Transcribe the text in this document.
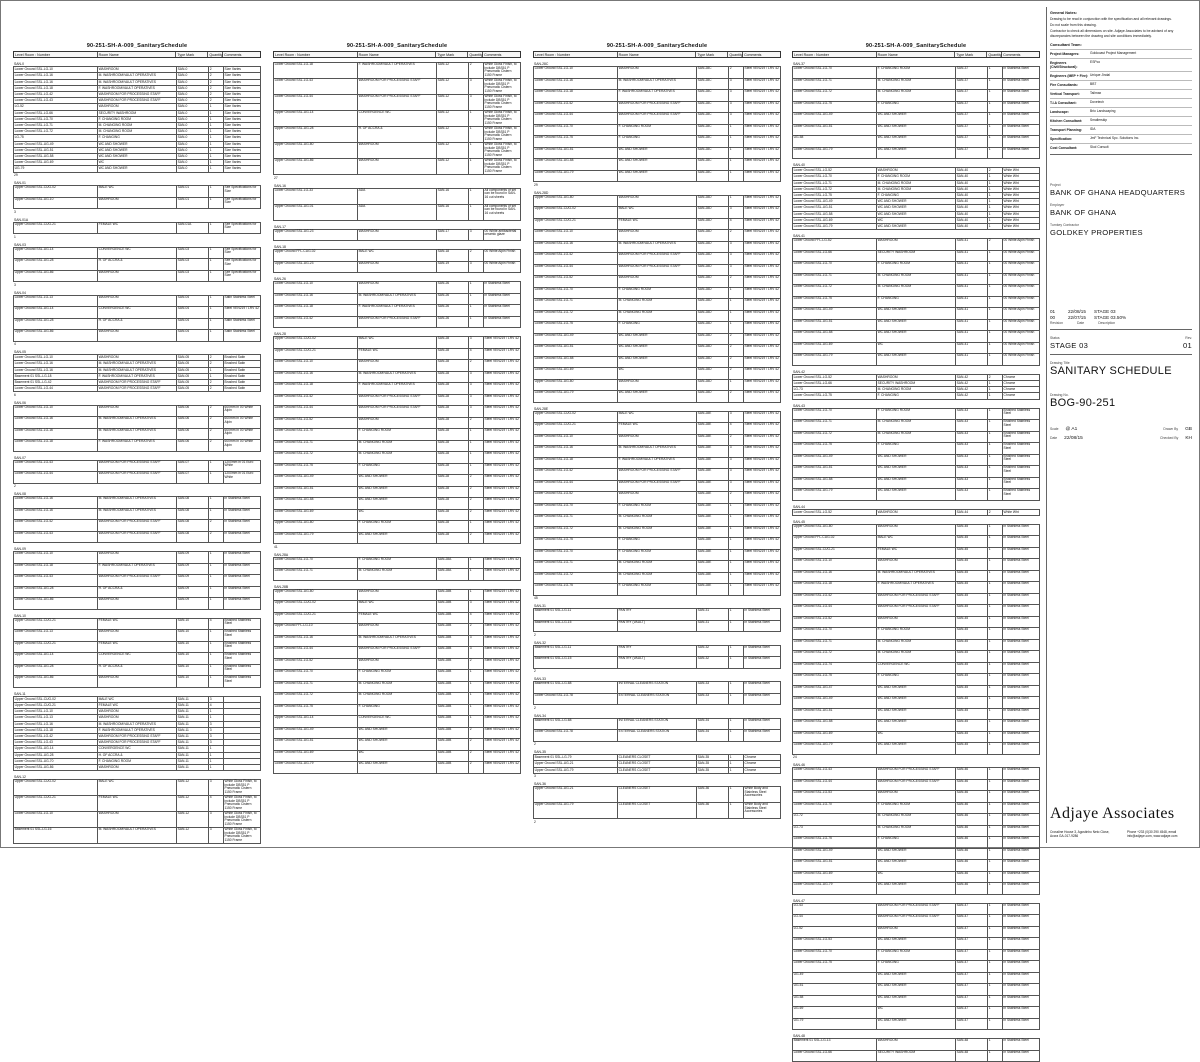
90-251-SH-A-009_SanitarySchedule
Level Room : Number	Room Name	Type Mark	Quantity Comments
SAN-0
Lower Ground SSL-LG-10	WASHROOM	SAN-0	2	Size Varies
Lower Ground SSL-LG-16	M. WASHROOM/VAULT OPERATIVES	SAN-0	2	Size Varies
Lower Ground SSL-LG-16	M. WASHROOM/VAULT OPERATIVES	SAN-0	2	Size Varies
Lower Ground SSL-LG-18	F. WASHROOM/VAULT OPERATIVES	SAN-0	2	Size Varies
Lower Ground SSL-LG-42	WASHROOM FOR PROCESSING STAFF	SAN-0	2	Size Varies
Lower Ground SSL-LG-43	WASHROOM FOR PROCESSING STAFF	SAN-0	2	Size Varies
LG-52	WASHROOM	SAN-0	1	Size Varies
Lower Ground SSL-LG-66	SECURITY WASHROOM	SAN-0	1	Size Varies
Lower Ground SSL-LG-70	F. CHANGING ROOM	SAN-0	1	Size Varies
Lower Ground SSL-LG-71	M. CHANGING ROOM	SAN-0	1	Size Varies
Lower Ground SSL-LG-72	M. CHANGING ROOM	SAN-0	1	Size Varies
LG-75	F. CHANGING	SAN-0	1	Size Varies
Lower Ground SSL-UG-49	WC AND SHOWER	SAN-0	1	Size Varies
Lower Ground SSL-UG-51	WC AND SHOWER	SAN-0	1	Size Varies
Lower Ground SSL-UG-58	WC AND SHOWER	SAN-0	1	Size Varies
Lower Ground SSL-UG-69	WC	SAN-0	1	Size Varies
UG-79	WC AND SHOWER	SAN-0	1	Size Varies
29
SAN-01
Upper Ground SSL-CUG-02	MALE WC	SAN-01	1	See Specifications for Size
Upper Ground SSL-UG-10	WASHROOM	SAN-01	1	See Specifications for Size
3
SAN-01A
Upper Ground SSL-CUG-21	FEMALE WC	SAN-01A	1	See Specifications for Size
1
SAN-03
Upper Ground SSL-UG-14	CONVERGENCE WC	SAN-03	1	See Specifications for Size
Upper Ground SSL-UG-28	H. OF ACCRA &	SAN-03	1	See Specifications for Size
Upper Ground SSL-UG-86	WASHROOM	SAN-03	1	See Specifications for Size
3
SAN-04
Lower Ground SSL-LG-13	WASHROOM	SAN-04	1	Satin Stainless Steel
Upper Ground SSL-UG-14	CONVERGENCE WC	SAN-04	1	Steel VEN219 / LRV 42
Upper Ground SSL-UG-28	H. OF ACCRA &	SAN-04	1	Satin Stainless Steel
Upper Ground SSL-UG-86	WASHROOM	SAN-04	1	Satin Stainless Steel
4
SAN-05
Lower Ground SSL-LG-10	WASHROOM	SAN-05	2	Brushed Satin
Lower Ground SSL-LG-16	M. WASHROOM/VAULT OPERATIVES	SAN-05	2	Brushed Satin
Lower Ground SSL-LG-16	M. WASHROOM/VAULT OPERATIVES	SAN-05	1	Brushed Satin
Basement 01 SSL-LG-18	F. WASHROOM/VAULT OPERATIVES	SAN-05	1	Brushed Satin
Basement 01 SSL-LG-42	WASHROOM FOR PROCESSING STAFF	SAN-05	2	Brushed Satin
Lower Ground SSL-LG-44	WASHROOM FOR PROCESSING STAFF	SAN-05	2	Brushed Satin
6
SAN-06
Lower Ground SSL-LG-10	WASHROOM	SAN-06	2	600mm in 00 White Alpin
Lower Ground SSL-LG-16	M. WASHROOM/VAULT OPERATIVES	SAN-06	2	600mm in 00 White Alpin
Lower Ground SSL-LG-16	M. WASHROOM/VAULT OPERATIVES	SAN-06	2	600mm in 00 White Alpin
Lower Ground SSL-LG-18	F. WASHROOM/VAULT OPERATIVES	SAN-06	2	600mm in 00 White Alpin
SAN-07
Lower Ground SSL-LG-43	WASHROOM FOR PROCESSING STAFF	SAN-07	1	1200mm in 01 Euro White
Lower Ground SSL-LG-44	WASHROOM FOR PROCESSING STAFF	SAN-07	1	1200mm in 01 Euro White
2
SAN-08
Lower Ground SSL-LG-16	M. WASHROOM/VAULT OPERATIVES	SAN-08	1	in Stainless Steel
Lower Ground SSL-LG-16	M. WASHROOM/VAULT OPERATIVES	SAN-08	1	in Stainless Steel
Lower Ground SSL-LG-42	WASHROOM FOR PROCESSING STAFF	SAN-08	2	in Stainless Steel
Lower Ground SSL-LG-43	WASHROOM FOR PROCESSING STAFF	SAN-08	2	in Stainless Steel
SAN-09
Lower Ground SSL-LG-10	WASHROOM	SAN-09	1	in Stainless Steel
Lower Ground SSL-LG-18	F. WASHROOM/VAULT OPERATIVES	SAN-09	1	in Stainless Steel
Lower Ground SSL-LG-43	WASHROOM FOR PROCESSING STAFF	SAN-09	1	in Stainless Steel
Lower Ground SSL-UG-28	H. OF ACCRA &	SAN-09	1	in Stainless Steel
Lower Ground SSL-UG-86	WASHROOM	SAN-09	1	in Stainless Steel
SAN-10
Upper Ground SSL-CUG-21	FEMALE WC	SAN-10	4	Brushed Stainless Steel
Lower Ground SSL-LG-13	WASHROOM	SAN-10	1	Brushed Stainless Steel
Upper Ground SSL-CUG-21	FEMALE WC	SAN-10	1	Brushed Stainless Steel
Upper Ground SSL-UG-14	CONVERGENCE WC	SAN-10	1	Brushed Stainless Steel
Upper Ground SSL-UG-28	H. OF ACCRA &	SAN-10	1	Brushed Stainless Steel
Upper Ground SSL-UG-86	WASHROOM	SAN-10	1	Brushed Stainless Steel
SAN-11
Upper Ground SSL-CUG-02	MALE WC	SAN-11	3	
Upper Ground SSL-CUG-21	FEMALE WC	SAN-11	4	
Lower Ground SSL-LG-10	WASHROOM	SAN-11	1	
Lower Ground SSL-LG-13	WASHROOM	SAN-11	1	
Lower Ground SSL-LG-16	M. WASHROOM/VAULT OPERATIVES	SAN-11	3	
Lower Ground SSL-LG-18	F. WASHROOM/VAULT OPERATIVES	SAN-11	3	
Lower Ground SSL-LG-42	WASHROOM FOR PROCESSING STAFF	SAN-11	3	
Lower Ground SSL-LG-43	WASHROOM FOR PROCESSING STAFF	SAN-11	3	
Upper Ground SSL-UG-14	CONVERGENCE WC	SAN-11	1	
Upper Ground SSL-UG-28	H. OF ACCRA &	SAN-11	1	
Lower Ground SSL-UG-70	F. CHANGING ROOM	SAN-11	1	
Upper Ground SSL-UG-86	WASHROOM	SAN-11	1	
SAN-12
Upper Ground SSL-CUG-02	MALE WC	SAN-12	3	White Gloss Finish, to include DBS51 P Pneumatic Cistern 1150 Frame
Upper Ground SSL-CUG-21	FEMALE WC	SAN-12	4	White Gloss Finish, to include DBS51 P Pneumatic Cistern 1150 Frame
Lower Ground SSL-LG-10	WASHROOM	SAN-12	3	White Gloss Finish, to include DBS51 P Pneumatic Cistern 1150 Frame
Basement 01 SSL-LG-16	M. WASHROOM/VAULT OPERATIVES	SAN-12	3	White Gloss Finish, to include DBS51 P Pneumatic Cistern 1150 Frame
90-251-SH-A-009_SanitarySchedule
Level Room : Number	Room Name	Type Mark	Quantity Comments
Lower Ground SSL-LG-18	F. WASHROOM/VAULT OPERATIVES	SAN-12	2	White Gloss Finish, to include DBS51 P Pneumatic Cistern 1150 Frame
Lower Ground SSL-LG-43	WASHROOM FOR PROCESSING STAFF	SAN-12	3	White Gloss Finish, to include DBS51 P Pneumatic Cistern 1150 Frame
Lower Ground SSL-LG-44	WASHROOM FOR PROCESSING STAFF	SAN-12	3	White Gloss Finish, to include DBS51 P Pneumatic Cistern 1150 Frame
Upper Ground SSL-UG-14	CONVERGENCE WC	SAN-12	1	White Gloss Finish, to include DBS51 P Pneumatic Cistern 1150 Frame
Upper Ground SSL-UG-28	H. OF ACCRA &	SAN-12	1	White Gloss Finish, to include DBS51 P Pneumatic Cistern 1150 Frame
Upper Ground SSL-UG-80	WASHROOM	SAN-12	1	White Gloss Finish, to include DBS51 P Pneumatic Cistern 1150 Frame
Upper Ground SSL-UG-86	WASHROOM	SAN-12	1	White Gloss Finish, to include DBS51 P Pneumatic Cistern 1150 Frame
27
SAN-16
Lower Ground SSL-LG-33	ADA	SAN-16	1	All components of set can be found in SAN-16 cut sheets
Upper Ground SSL-UG-01	ADA	SAN-16	1	All components of set can be found in SAN-16 cut sheets
SAN-17
Upper Ground SSL-UG-23	WASHROOM	SAN-17	3	00 White antibacterial ceramic glaze
SAN-18
Upper Ground FFL-CUG-02	MALE WC	SAN-18	2	00 White Alpin Finish
Upper Ground SSL-UG-23	WASHROOM	SAN-19	3	00 White Alpin Finish
SAN-26
Lower Ground SSL-LG-10	WASHROOM	SAN-26	1	in Stainless Steel
Lower Ground SSL-LG-16	M. WASHROOM/VAULT OPERATIVES	SAN-26	1	in Stainless Steel
Lower Ground SSL-LG-18	F. WASHROOM/VAULT OPERATIVES	SAN-26	1	in Stainless Steel
Lower Ground SSL-LG-42	WASHROOM FOR PROCESSING STAFF	SAN-26	1	in Stainless Steel
SAN-28
Upper Ground SSL-CUG-02	MALE WC	SAN-28	3	Steel VEN219 / LRV 42
Upper Ground SSL-CUG-21	FEMALE WC	SAN-28	4	Steel VEN219 / LRV 42
Lower Ground SSL-LG-10	WASHROOM	SAN-28	2	Steel VEN219 / LRV 42
Lower Ground SSL-LG-16	M. WASHROOM/VAULT OPERATIVES	SAN-28	3	Steel VEN219 / LRV 42
Lower Ground SSL-LG-18	F. WASHROOM/VAULT OPERATIVES	SAN-28	3	Steel VEN219 / LRV 42
Lower Ground SSL-LG-42	WASHROOM FOR PROCESSING STAFF	SAN-28	3	Steel VEN219 / LRV 42
Lower Ground SSL-LG-44	WASHROOM FOR PROCESSING STAFF	SAN-28	3	Steel VEN219 / LRV 42
Lower Ground SSL-LG-52	WASHROOM	SAN-28	2	Steel VEN219 / LRV 42
Lower Ground SSL-LG-70	F. CHANGING ROOM	SAN-28	1	Steel VEN219 / LRV 42
Lower Ground SSL-LG-71	M. CHANGING ROOM	SAN-28	1	Steel VEN219 / LRV 42
Lower Ground SSL-LG-72	M. CHANGING ROOM	SAN-28	1	Steel VEN219 / LRV 42
Lower Ground SSL-LG-75	F. CHANGING	SAN-28	1	Steel VEN219 / LRV 42
Lower Ground SSL-UG-49	WC AND SHOWER	SAN-28	2	Steel VEN219 / LRV 42
Lower Ground SSL-UG-51	WC AND SHOWER	SAN-28	2	Steel VEN219 / LRV 42
Lower Ground SSL-UG-58	WC AND SHOWER	SAN-28	2	Steel VEN219 / LRV 42
Lower Ground SSL-UG-69	WC	SAN-28	2	Steel VEN219 / LRV 42
Upper Ground SSL-UG-80	F. CHANGING ROOM	SAN-28	1	Steel VEN219 / LRV 42
Lower Ground SSL-UG-79	WC AND SHOWER	SAN-28	2	Steel VEN219 / LRV 42
41
SAN-28A
Lower Ground SSL-LG-70	F. CHANGING ROOM	SAN-28A	1	Steel VEN219 / LRV 42
Lower Ground SSL-LG-71	M. CHANGING ROOM	SAN-28A	1	Steel VEN219 / LRV 42
SAN-28B
Upper Ground SSL-UG-80	WASHROOM	SAN-28B	1	Steel VEN219 / LRV 42
Upper Ground SSL-CUG-02	MALE WC	SAN-28B	3	Steel VEN219 / LRV 42
Upper Ground SSL-CUG-21	FEMALE WC	SAN-28B	4	Steel VEN219 / LRV 42
Upper Ground FFL-LG-10	WASHROOM	SAN-28B	2	Steel VEN219 / LRV 42
Lower Ground SSL-LG-16	M. WASHROOM/VAULT OPERATIVES	SAN-28B	3	Steel VEN219 / LRV 42
Lower Ground SSL-LG-44	WASHROOM FOR PROCESSING STAFF	SAN-28B	3	Steel VEN219 / LRV 42
Lower Ground SSL-LG-52	WASHROOM	SAN-28B	2	Steel VEN219 / LRV 42
Lower Ground SSL-LG-70	F. CHANGING ROOM	SAN-28B	1	Steel VEN219 / LRV 42
Lower Ground SSL-LG-71	M. CHANGING ROOM	SAN-28B	1	Steel VEN219 / LRV 42
Lower Ground SSL-LG-72	M. CHANGING ROOM	SAN-28B	1	Steel VEN219 / LRV 42
Lower Ground SSL-LG-75	F. CHANGING	SAN-28B	1	Steel VEN219 / LRV 42
Upper Ground SSL-UG-14	CONVERGENCE WC	SAN-28B	1	Steel VEN219 / LRV 42
Lower Ground SSL-UG-49	WC AND SHOWER	SAN-28B	2	Steel VEN219 / LRV 42
Lower Ground SSL-UG-51	WC AND SHOWER	SAN-28B	2	Steel VEN219 / LRV 42
Lower Ground SSL-UG-69	WC	SAN-28B	2	Steel VEN219 / LRV 42
Lower Ground SSL-UG-79	WC AND SHOWER	SAN-28B	2	Steel VEN219 / LRV 42
90-251-SH-A-009_SanitarySchedule
Level Room : Number	Room Name	Type Mark	Quantity Comments
SAN-28C
Lower Ground SSL-LG-10	WASHROOM	SAN-28C	2	Steel VEN219 / LRV 42
Lower Ground SSL-LG-16	M. WASHROOM/VAULT OPERATIVES	SAN-28C	3	Steel VEN219 / LRV 42
Lower Ground SSL-LG-18	F. WASHROOM/VAULT OPERATIVES	SAN-28C	3	Steel VEN219 / LRV 42
Lower Ground SSL-LG-42	WASHROOM FOR PROCESSING STAFF	SAN-28C	3	Steel VEN219 / LRV 42
Lower Ground SSL-LG-44	WASHROOM FOR PROCESSING STAFF	SAN-28C	3	Steel VEN219 / LRV 42
Lower Ground SSL-LG-70	F. CHANGING ROOM	SAN-28C	1	Steel VEN219 / LRV 42
Lower Ground SSL-LG-75	F. CHANGING	SAN-28C	1	Steel VEN219 / LRV 42
Lower Ground SSL-UG-51	WC AND SHOWER	SAN-28C	1	Steel VEN219 / LRV 42
Lower Ground SSL-UG-58	WC AND SHOWER	SAN-28C	1	Steel VEN219 / LRV 42
Lower Ground SSL-UG-79	WC AND SHOWER	SAN-28C	1	Steel VEN219 / LRV 42
29
SAN-28D
Upper Ground SSL-UG-80	WASHROOM	SAN-28D	1	Steel VEN219 / LRV 42
Upper Ground SSL-CUG-02	MALE WC	SAN-28D	3	Steel VEN219 / LRV 42
Upper Ground SSL-CUG-21	FEMALE WC	SAN-28D	4	Steel VEN219 / LRV 42
Lower Ground SSL-LG-10	WASHROOM	SAN-28D	2	Steel VEN219 / LRV 42
Lower Ground SSL-LG-16	M. WASHROOM/VAULT OPERATIVES	SAN-28D	3	Steel VEN219 / LRV 42
Lower Ground SSL-LG-42	WASHROOM FOR PROCESSING STAFF	SAN-28D	3	Steel VEN219 / LRV 42
Lower Ground SSL-LG-44	WASHROOM FOR PROCESSING STAFF	SAN-28D	3	Steel VEN219 / LRV 42
Lower Ground SSL-LG-52	WASHROOM	SAN-28D	2	Steel VEN219 / LRV 42
Lower Ground SSL-LG-70	F. CHANGING ROOM	SAN-28D	1	Steel VEN219 / LRV 42
Lower Ground SSL-LG-71	M. CHANGING ROOM	SAN-28D	1	Steel VEN219 / LRV 42
Lower Ground SSL-LG-72	M. CHANGING ROOM	SAN-28D	1	Steel VEN219 / LRV 42
Lower Ground SSL-LG-75	F. CHANGING	SAN-28D	1	Steel VEN219 / LRV 42
Lower Ground SSL-UG-49	WC AND SHOWER	SAN-28D	2	Steel VEN219 / LRV 42
Lower Ground SSL-UG-51	WC AND SHOWER	SAN-28D	2	Steel VEN219 / LRV 42
Lower Ground SSL-UG-58	WC AND SHOWER	SAN-28D	2	Steel VEN219 / LRV 42
Lower Ground SSL-UG-69	WC	SAN-28D	2	Steel VEN219 / LRV 42
Upper Ground SSL-UG-80	WASHROOM	SAN-28D	1	Steel VEN219 / LRV 42
Lower Ground SSL-UG-79	WC AND SHOWER	SAN-28D	2	Steel VEN219 / LRV 42
SAN-28E
Upper Ground SSL-CUG-02	MALE WC	SAN-28E	3	Steel VEN219 / LRV 42
Upper Ground SSL-CUG-21	FEMALE WC	SAN-28E	4	Steel VEN219 / LRV 42
Lower Ground SSL-LG-10	WASHROOM	SAN-28E	2	Steel VEN219 / LRV 42
Lower Ground SSL-LG-16	M. WASHROOM/VAULT OPERATIVES	SAN-28E	3	Steel VEN219 / LRV 42
Lower Ground SSL-LG-18	F. WASHROOM/VAULT OPERATIVES	SAN-28E	3	Steel VEN219 / LRV 42
Lower Ground SSL-LG-42	WASHROOM FOR PROCESSING STAFF	SAN-28E	3	Steel VEN219 / LRV 42
Lower Ground SSL-LG-44	WASHROOM FOR PROCESSING STAFF	SAN-28E	3	Steel VEN219 / LRV 42
Lower Ground SSL-LG-52	WASHROOM	SAN-28E	2	Steel VEN219 / LRV 42
Lower Ground SSL-LG-70	F. CHANGING ROOM	SAN-28E	1	Steel VEN219 / LRV 42
Lower Ground SSL-LG-71	M. CHANGING ROOM	SAN-28E	1	Steel VEN219 / LRV 42
Lower Ground SSL-LG-72	M. CHANGING ROOM	SAN-28E	1	Steel VEN219 / LRV 42
Lower Ground SSL-LG-75	F. CHANGING	SAN-28E	1	Steel VEN219 / LRV 42
Lower Ground SSL-LG-70	F. CHANGING ROOM	SAN-28E	1	Steel VEN219 / LRV 42
Lower Ground SSL-LG-71	M. CHANGING ROOM	SAN-28E	1	Steel VEN219 / LRV 42
Lower Ground SSL-LG-72	M. CHANGING ROOM	SAN-28E	1	Steel VEN219 / LRV 42
Lower Ground SSL-LG-75	F. CHANGING ROOM	SAN-28E	1	Steel VEN219 / LRV 42
45
SAN-31
Basement 01 SSL-LG-11	PANTRY	SAN-31	1	in Stainless Steel
Basement 01 SSL-LG-15	PANTRY (VAULT)	SAN-31	1	in Stainless Steel
2
SAN-32
Basement 01 SSL-LG-11	PANTRY	SAN-32	1	in Stainless Steel
Basement 01 SSL-LG-15	PANTRY (VAULT)	SAN-32	1	in Stainless Steel
2
SAN-33
Basement 01 SSL-LG-68	INTERNAL CLEANERS STATION	SAN-33	1	in Stainless Steel
Lower Ground SSL-LG-78	EXTERNAL CLEANERS STATION	SAN-33	1	in Stainless Steel
2
SAN-34
Basement 01 SSL-LG-68	INTERNAL CLEANERS STATION	SAN-34	1	in Stainless Steel
Lower Ground SSL-LG-78	EXTERNAL CLEANERS STATION	SAN-34	1	in Stainless Steel
2
SAN-35
Basement 01 SSL-LG-79	CLEANERS CLOSET	SAN-35	1	Chrome
Upper Ground SSL-UG-21	CLEANERS CLOSET	SAN-35	1	Chrome
Upper Ground SSL-UG-79	CLEANERS CLOSET	SAN-35	1	Chrome
3
SAN-36
Upper Ground SSL-UG-21	CLEANERS CLOSET	SAN-36	1	White Body and Stainless Steel Accessories
Upper Ground SSL-UG-79	CLEANERS CLOSET	SAN-36	1	White Body and Stainless Steel Accessories
2
90-251-SH-A-009_SanitarySchedule
Level Room : Number	Room Name	Type Mark	Quantity Comments
SAN-37
Lower Ground SSL-LG-70	F. CHANGING ROOM	SAN-37	1	in Stainless Steel
Lower Ground SSL-LG-71	M. CHANGING ROOM	SAN-37	1	in Stainless Steel
Lower Ground SSL-LG-72	M. CHANGING ROOM	SAN-37	1	in Stainless Steel
Lower Ground SSL-LG-75	F. CHANGING	SAN-37	1	in Stainless Steel
Lower Ground SSL-UG-49	WC AND SHOWER	SAN-37	1	in Stainless Steel
Lower Ground SSL-UG-51	WC AND SHOWER	SAN-37	1	in Stainless Steel
UG-58	WC AND SHOWER	SAN-37	1	in Stainless Steel
Lower Ground SSL-UG-79	WC AND SHOWER	SAN-37	1	in Stainless Steel
SAN-40
Lower Ground SSL-LG-52	WASHROOM	SAN-40	2	White Wht
Lower Ground SSL-LG-70	F. CHANGING ROOM	SAN-40	1	White Wht
Lower Ground SSL-LG-71	M. CHANGING ROOM	SAN-40	1	White Wht
Lower Ground SSL-LG-72	M. CHANGING ROOM	SAN-40	1	White Wht
Lower Ground SSL-LG-75	F. CHANGING	SAN-40	1	White Wht
Lower Ground SSL-UG-49	WC AND SHOWER	SAN-40	1	White Wht
Lower Ground SSL-UG-51	WC AND SHOWER	SAN-40	1	White Wht
Lower Ground SSL-UG-58	WC AND SHOWER	SAN-40	1	White Wht
Lower Ground SSL-UG-69	WC	SAN-40	1	White Wht
Lower Ground SSL-UG-79	WC AND SHOWER	SAN-40	1	White Wht
SAN-41
Lower Ground FFL-LG-52	WASHROOM	SAN-41	2	00 White Alpin Finish
Lower Ground SSL-LG-66	SECURITY WASHROOM	SAN-41	1	00 White Alpin Finish
Lower Ground SSL-LG-70	F. CHANGING ROOM	SAN-41	1	00 White Alpin Finish
Lower Ground SSL-LG-71	M. CHANGING ROOM	SAN-41	1	00 White Alpin Finish
Lower Ground SSL-LG-72	M. CHANGING ROOM	SAN-41	1	00 White Alpin Finish
Lower Ground SSL-LG-75	F. CHANGING	SAN-41	1	00 White Alpin Finish
Lower Ground SSL-UG-49	WC AND SHOWER	SAN-41	1	00 White Alpin Finish
Lower Ground SSL-UG-51	WC AND SHOWER	SAN-41	1	00 White Alpin Finish
Lower Ground SSL-UG-58	WC AND SHOWER	SAN-41	1	00 White Alpin Finish
Lower Ground SSL-UG-69	WC	SAN-41	1	00 White Alpin Finish
Lower Ground SSL-UG-79	WC AND SHOWER	SAN-41	1	00 White Alpin Finish
SAN-42
Lower Ground SSL-LG-52	WASHROOM	SAN-42	2	Chrome
Lower Ground SSL-LG-66	SECURITY WASHROOM	SAN-42	1	Chrome
LG-73	M. CHANGING ROOM	SAN-42	1	Chrome
Lower Ground SSL-LG-75	F. CHANGING	SAN-42	1	Chrome
SAN-43
Lower Ground SSL-LG-70	F. CHANGING ROOM	SAN-43	1	Brushed Stainless Steel
Lower Ground SSL-LG-71	M. CHANGING ROOM	SAN-43	1	Brushed Stainless Steel
Lower Ground SSL-LG-72	M. CHANGING ROOM	SAN-43	1	Brushed Stainless Steel
Lower Ground SSL-LG-75	F. CHANGING	SAN-43	1	Brushed Stainless Steel
Lower Ground SSL-UG-49	WC AND SHOWER	SAN-43	1	Brushed Stainless Steel
Lower Ground SSL-UG-51	WC AND SHOWER	SAN-43	1	Brushed Stainless Steel
Lower Ground SSL-UG-58	WC AND SHOWER	SAN-43	1	Brushed Stainless Steel
Lower Ground SSL-UG-79	WC AND SHOWER	SAN-43	1	Brushed Stainless Steel
SAN-44
Lower Ground SSL-LG-52	WASHROOM	SAN-44	2	White Wht
SAN-45
Upper Ground SSL-UG-80	WASHROOM	SAN-45	1	in Stainless Steel
Upper Ground FFL-CUG-02	MALE WC	SAN-45	1	in Stainless Steel
Upper Ground SSL-CUG-21	FEMALE WC	SAN-45	1	in Stainless Steel
Lower Ground SSL-LG-10	WASHROOM	SAN-45	1	in Stainless Steel
Lower Ground SSL-LG-16	M. WASHROOM/VAULT OPERATIVES	SAN-45	1	in Stainless Steel
Lower Ground SSL-LG-18	F. WASHROOM/VAULT OPERATIVES	SAN-45	1	in Stainless Steel
Lower Ground SSL-LG-42	WASHROOM FOR PROCESSING STAFF	SAN-45	1	in Stainless Steel
Lower Ground SSL-LG-44	WASHROOM FOR PROCESSING STAFF	SAN-45	1	in Stainless Steel
Lower Ground SSL-LG-52	WASHROOM	SAN-45	1	in Stainless Steel
Lower Ground SSL-LG-70	F. CHANGING ROOM	SAN-45	1	in Stainless Steel
Lower Ground SSL-LG-71	M. CHANGING ROOM	SAN-45	1	in Stainless Steel
Lower Ground SSL-LG-72	M. CHANGING ROOM	SAN-45	1	in Stainless Steel
Lower Ground SSL-LG-74	CONVERGENCE WC	SAN-45	1	in Stainless Steel
Lower Ground SSL-LG-75	F. CHANGING	SAN-45	1	in Stainless Steel
Lower Ground SSL-UG-47	WC AND SHOWER	SAN-45	1	in Stainless Steel
Lower Ground SSL-UG-49	WC AND SHOWER	SAN-45	1	in Stainless Steel
Lower Ground SSL-UG-51	WC AND SHOWER	SAN-45	1	in Stainless Steel
Lower Ground SSL-UG-58	WC AND SHOWER	SAN-45	1	in Stainless Steel
Lower Ground SSL-UG-69	WC	SAN-45	1	in Stainless Steel
Lower Ground SSL-UG-79	WC AND SHOWER	SAN-45	1	in Stainless Steel
24
SAN-46
Lower Ground SSL-LG-43	WASHROOM FOR PROCESSING STAFF	SAN-46	1	in Stainless Steel
Lower Ground SSL-LG-44	WASHROOM FOR PROCESSING STAFF	SAN-46	1	in Stainless Steel
Lower Ground SSL-LG-53	WASHROOM	SAN-46	1	in Stainless Steel
Lower Ground SSL-LG-70	F. CHANGING ROOM	SAN-46	1	in Stainless Steel
LG-72	M. CHANGING ROOM	SAN-46	1	in Stainless Steel
LG-73	M. CHANGING ROOM	SAN-46	1	in Stainless Steel
Lower Ground SSL-LG-75	F. CHANGING	SAN-46	1	in Stainless Steel
Lower Ground SSL-UG-49	WC AND SHOWER	SAN-46	1	in Stainless Steel
Lower Ground SSL-UG-51	WC AND SHOWER	SAN-46	1	in Stainless Steel
Lower Ground SSL-UG-69	WC	SAN-46	1	in Stainless Steel
Lower Ground SSL-UG-79	WC AND SHOWER	SAN-46	1	in Stainless Steel
SAN-47
LG-43	WASHROOM FOR PROCESSING STAFF	SAN-47	1	in Stainless Steel
LG-44	WASHROOM FOR PROCESSING STAFF	SAN-47	1	in Stainless Steel
LG-52	WASHROOM	SAN-47	1	in Stainless Steel
Lower Ground SSL-LG-53	WC AND SHOWER	SAN-47	1	in Stainless Steel
Lower Ground SSL-LG-70	F. CHANGING ROOM	SAN-47	1	in Stainless Steel
Lower Ground SSL-LG-75	F. CHANGING	SAN-47	1	in Stainless Steel
UG-49	WC AND SHOWER	SAN-47	1	in Stainless Steel
UG-51	WC AND SHOWER	SAN-47	1	in Stainless Steel
UG-58	WC AND SHOWER	SAN-47	1	in Stainless Steel
UG-69	WC	SAN-47	1	in Stainless Steel
UG-79	WC AND SHOWER	SAN-47	1	in Stainless Steel
SAN-48
Basement 01 SSL-LG-13	WASHROOM	SAN-48	1	in Stainless Steel
Lower Ground SSL-LG-66	SECURITY WASHROOM	SAN-48	1	in Stainless Steel
General Notes:
Drawing to be read in conjunction with the specification and all relevant drawings.
Do not scale from this drawing.
Contractor to check all dimensions on site. Adjaye Associates to be advised of any discrepancies between the drawing and site conditions immediately.
Consultant Team:
Project Managers:	Goldcoast Project Management
Engineers (Civil/Structural):
ESPco
Engineers (MEP + Fire): Unique Jindal
Fire Consultants:	BBT
Vertical Transport:	Tailmax
T.I.A Consultant:	Dovetech
Landscape:	Brio Landscaping
Kitchen Consultant:	Smallerskip
Transport Planning:	IDA
Specification:	JmF Technical Spc. Solutions Inc.
Cost Consultant:	Skol Consult
Project
BANK OF GHANA HEADQUARTERS
Employer
BANK OF GHANA
Turnkey Contractor
GOLDKEY PROPERTIES
01	22/08/15	STAGE 03
00	22/07/15	STAGE 03.50%
Revision	Date	Description
Status	Rev.
STAGE 03	01
Drawing Title
SANITARY SCHEDULE
Drawing No.
BOG-90-251
Scale @ A1	Drawn By GB
Date 22/08/15	Checked By KH
Adjaye Associates
Crossline House 3, Agostinho Neto Close, Accra GA-017-9286
Phone +233 (0)30 290 4548, email info@adjaye.com, www.adjaye.com
